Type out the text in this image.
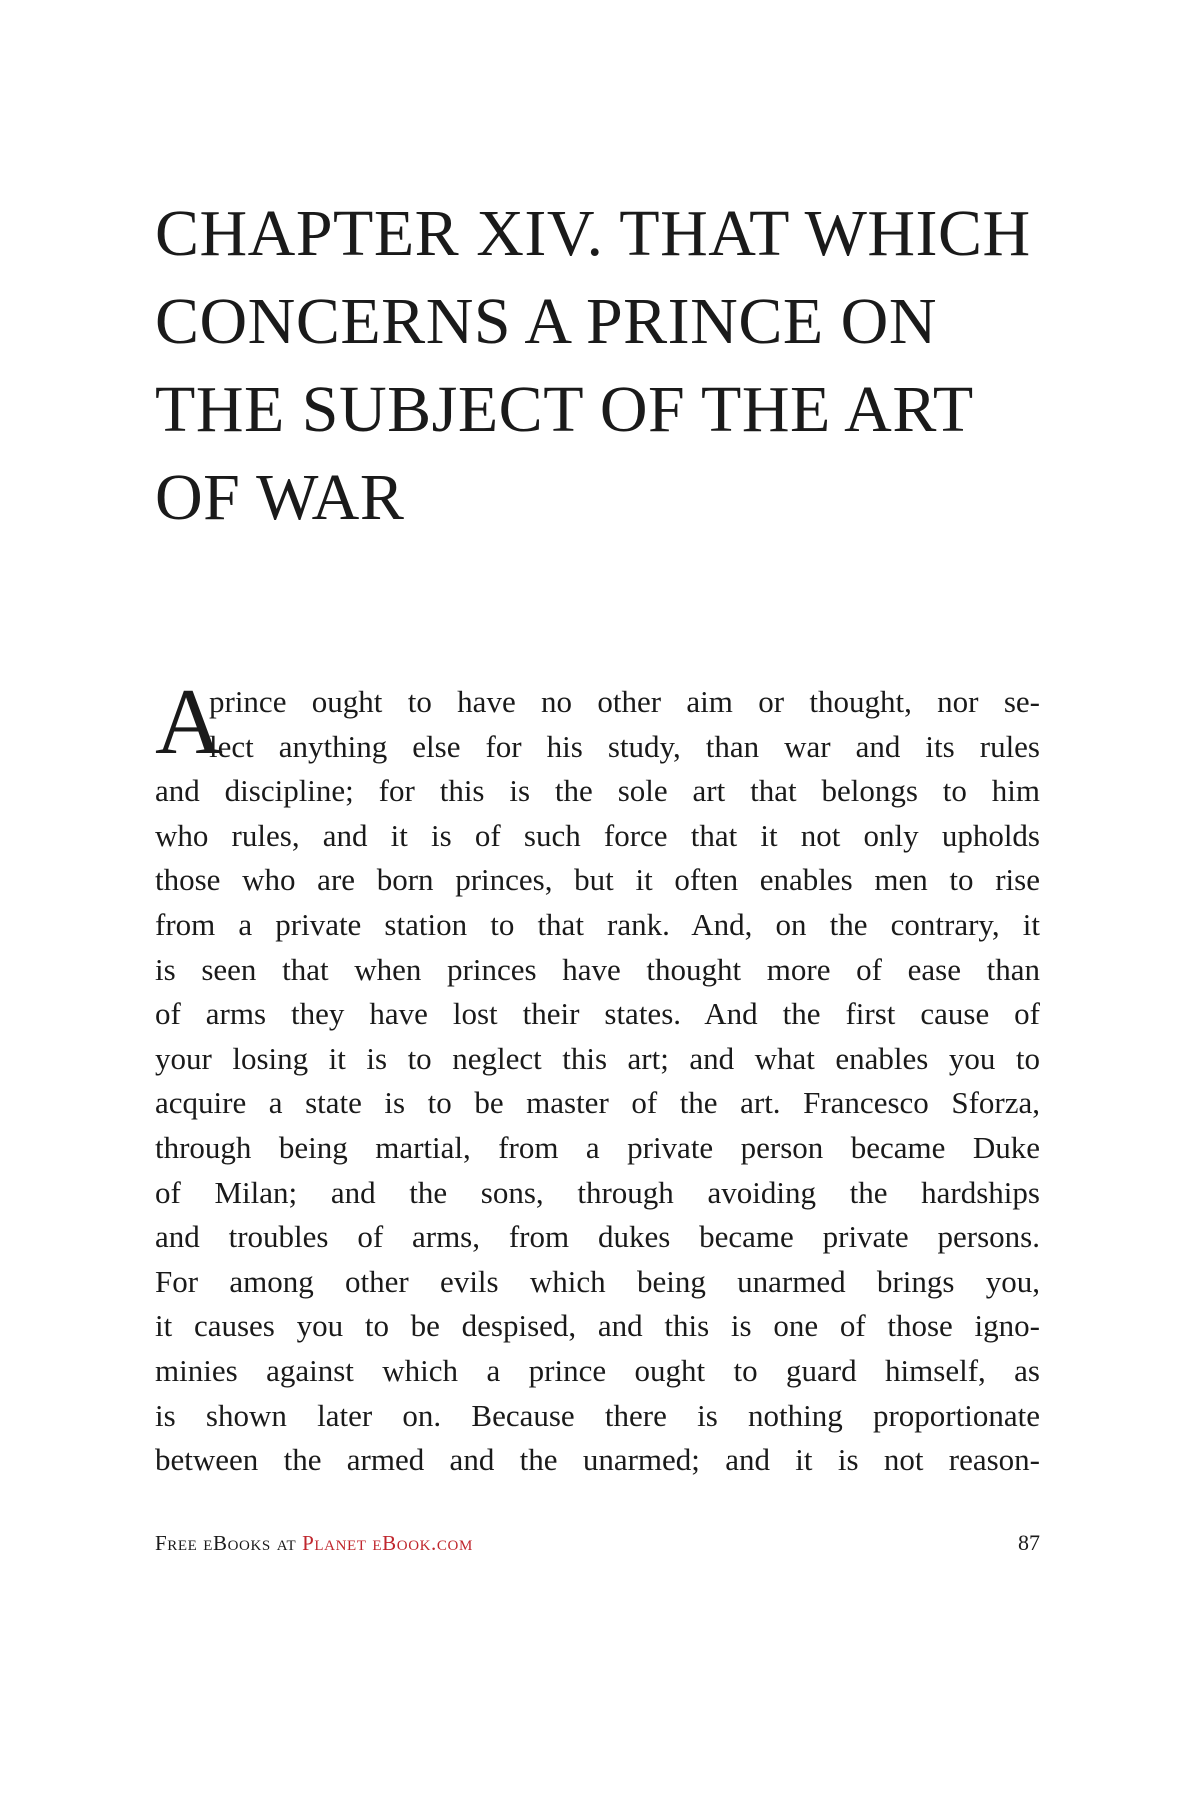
CHAPTER XIV. THAT WHICH CONCERNS A PRINCE ON THE SUBJECT OF THE ART OF WAR
A
prince ought to have no other aim or thought, nor se-
lect anything else for his study, than war and its rules
and discipline; for this is the sole art that belongs to him
who rules, and it is of such force that it not only upholds
those who are born princes, but it often enables men to rise
from a private station to that rank. And, on the contrary, it
is seen that when princes have thought more of ease than
of arms they have lost their states. And the first cause of
your losing it is to neglect this art; and what enables you to
acquire a state is to be master of the art. Francesco Sforza,
through being martial, from a private person became Duke
of Milan; and the sons, through avoiding the hardships
and troubles of arms, from dukes became private persons.
For among other evils which being unarmed brings you,
it causes you to be despised, and this is one of those igno-
minies against which a prince ought to guard himself, as
is shown later on. Because there is nothing proportionate
between the armed and the unarmed; and it is not reason-
Free eBooks at Planet eBook.com	87
